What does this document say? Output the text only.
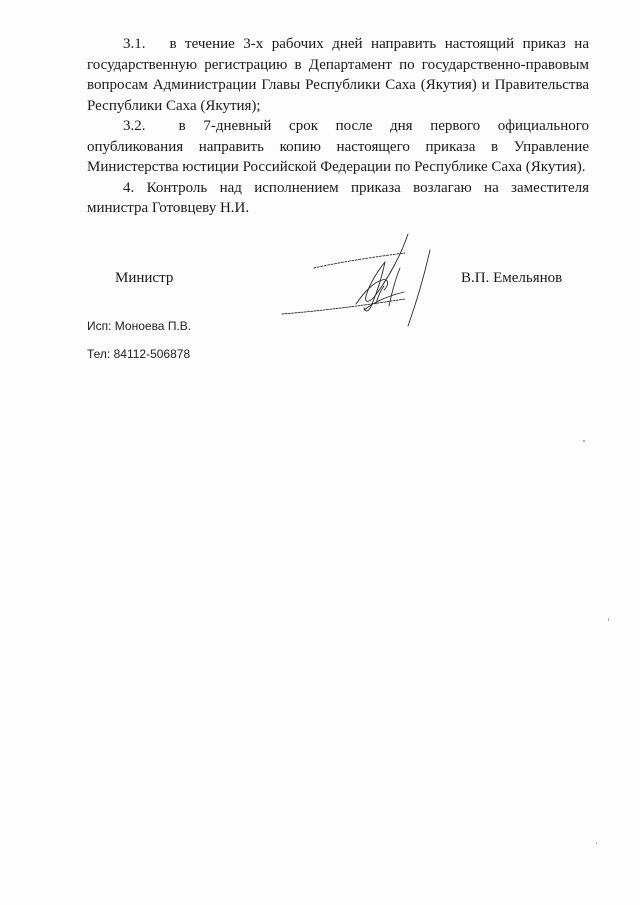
3.1. в течение 3-х рабочих дней направить настоящий приказ на государственную регистрацию в Департамент по государственно-правовым вопросам Администрации Главы Республики Саха (Якутия) и Правительства Республики Саха (Якутия);

3.2. в 7-дневный срок после дня первого официального опубликования направить копию настоящего приказа в Управление Министерства юстиции Российской Федерации по Республике Саха (Якутия).

4. Контроль над исполнением приказа возлагаю на заместителя министра Готовцеву Н.И.

Министр	В.П. Емельянов
Исп: Моноева П.В.
Тел: 84112-506878
